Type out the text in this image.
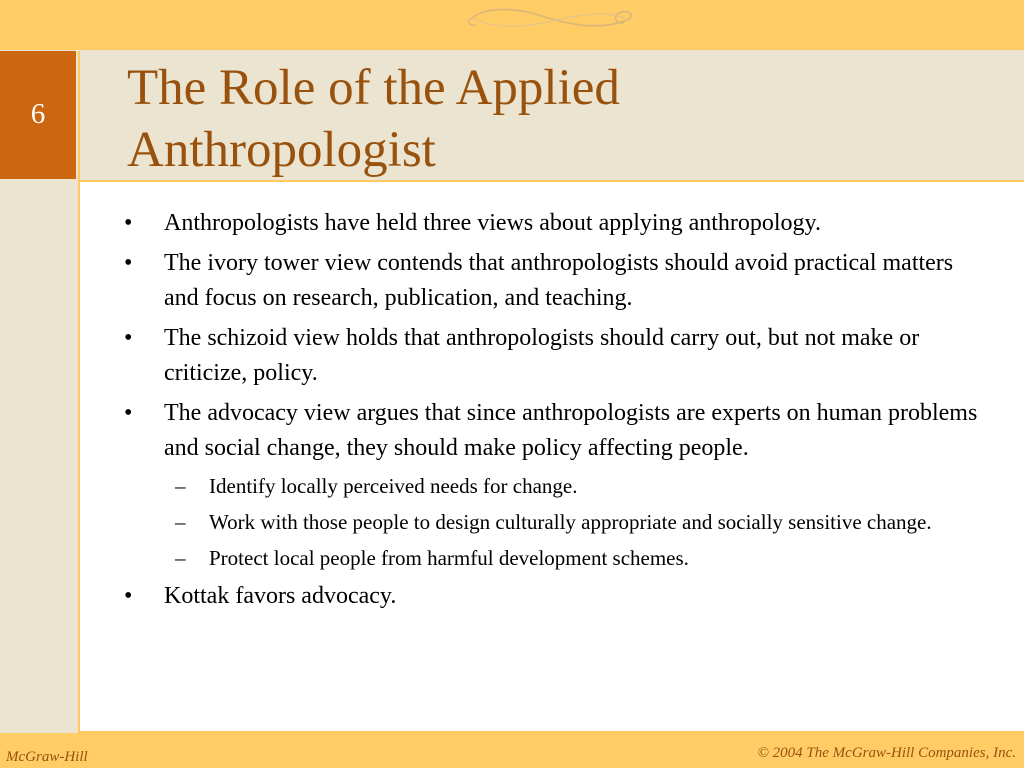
6 The Role of the Applied
Anthropologist
• Anthropologists have held three views about applying anthropology.
• The ivory tower view contends that anthropologists should avoid practical matters and focus on research, publication, and teaching.
• The schizoid view holds that anthropologists should carry out, but not make or criticize, policy.
• The advocacy view argues that since anthropologists are experts on human problems and social change, they should make policy affecting people.
– Identify locally perceived needs for change.
– Work with those people to design culturally appropriate and socially sensitive change.
– Protect local people from harmful development schemes.
• Kottak favors advocacy.
McGraw-Hill	© 2004 The McGraw-Hill Companies, Inc.
